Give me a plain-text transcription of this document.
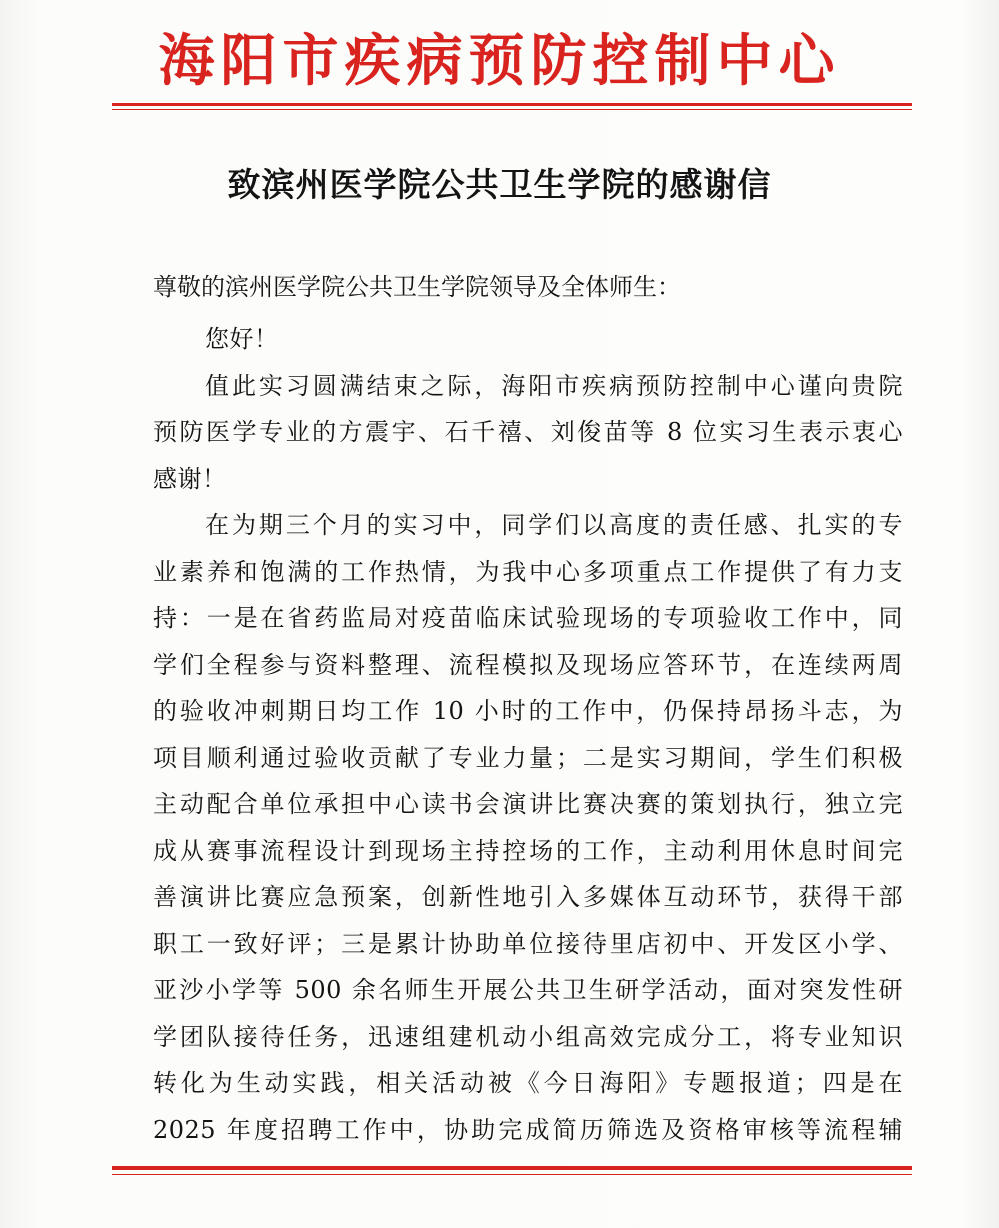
海阳市疾病预防控制中心
致滨州医学院公共卫生学院的感谢信
尊敬的滨州医学院公共卫生学院领导及全体师生：
您好！
值此实习圆满结束之际，海阳市疾病预防控制中心谨向贵院
预防医学专业的方震宇、石千禧、刘俊苗等 8 位实习生表示衷心
感谢！
在为期三个月的实习中，同学们以高度的责任感、扎实的专
业素养和饱满的工作热情，为我中心多项重点工作提供了有力支
持：一是在省药监局对疫苗临床试验现场的专项验收工作中，同
学们全程参与资料整理、流程模拟及现场应答环节，在连续两周
的验收冲刺期日均工作 10 小时的工作中，仍保持昂扬斗志，为
项目顺利通过验收贡献了专业力量；二是实习期间，学生们积极
主动配合单位承担中心读书会演讲比赛决赛的策划执行，独立完
成从赛事流程设计到现场主持控场的工作，主动利用休息时间完
善演讲比赛应急预案，创新性地引入多媒体互动环节，获得干部
职工一致好评；三是累计协助单位接待里店初中、开发区小学、
亚沙小学等 500 余名师生开展公共卫生研学活动，面对突发性研
学团队接待任务，迅速组建机动小组高效完成分工，将专业知识
转化为生动实践，相关活动被《今日海阳》专题报道；四是在
2025 年度招聘工作中，协助完成简历筛选及资格审核等流程辅
